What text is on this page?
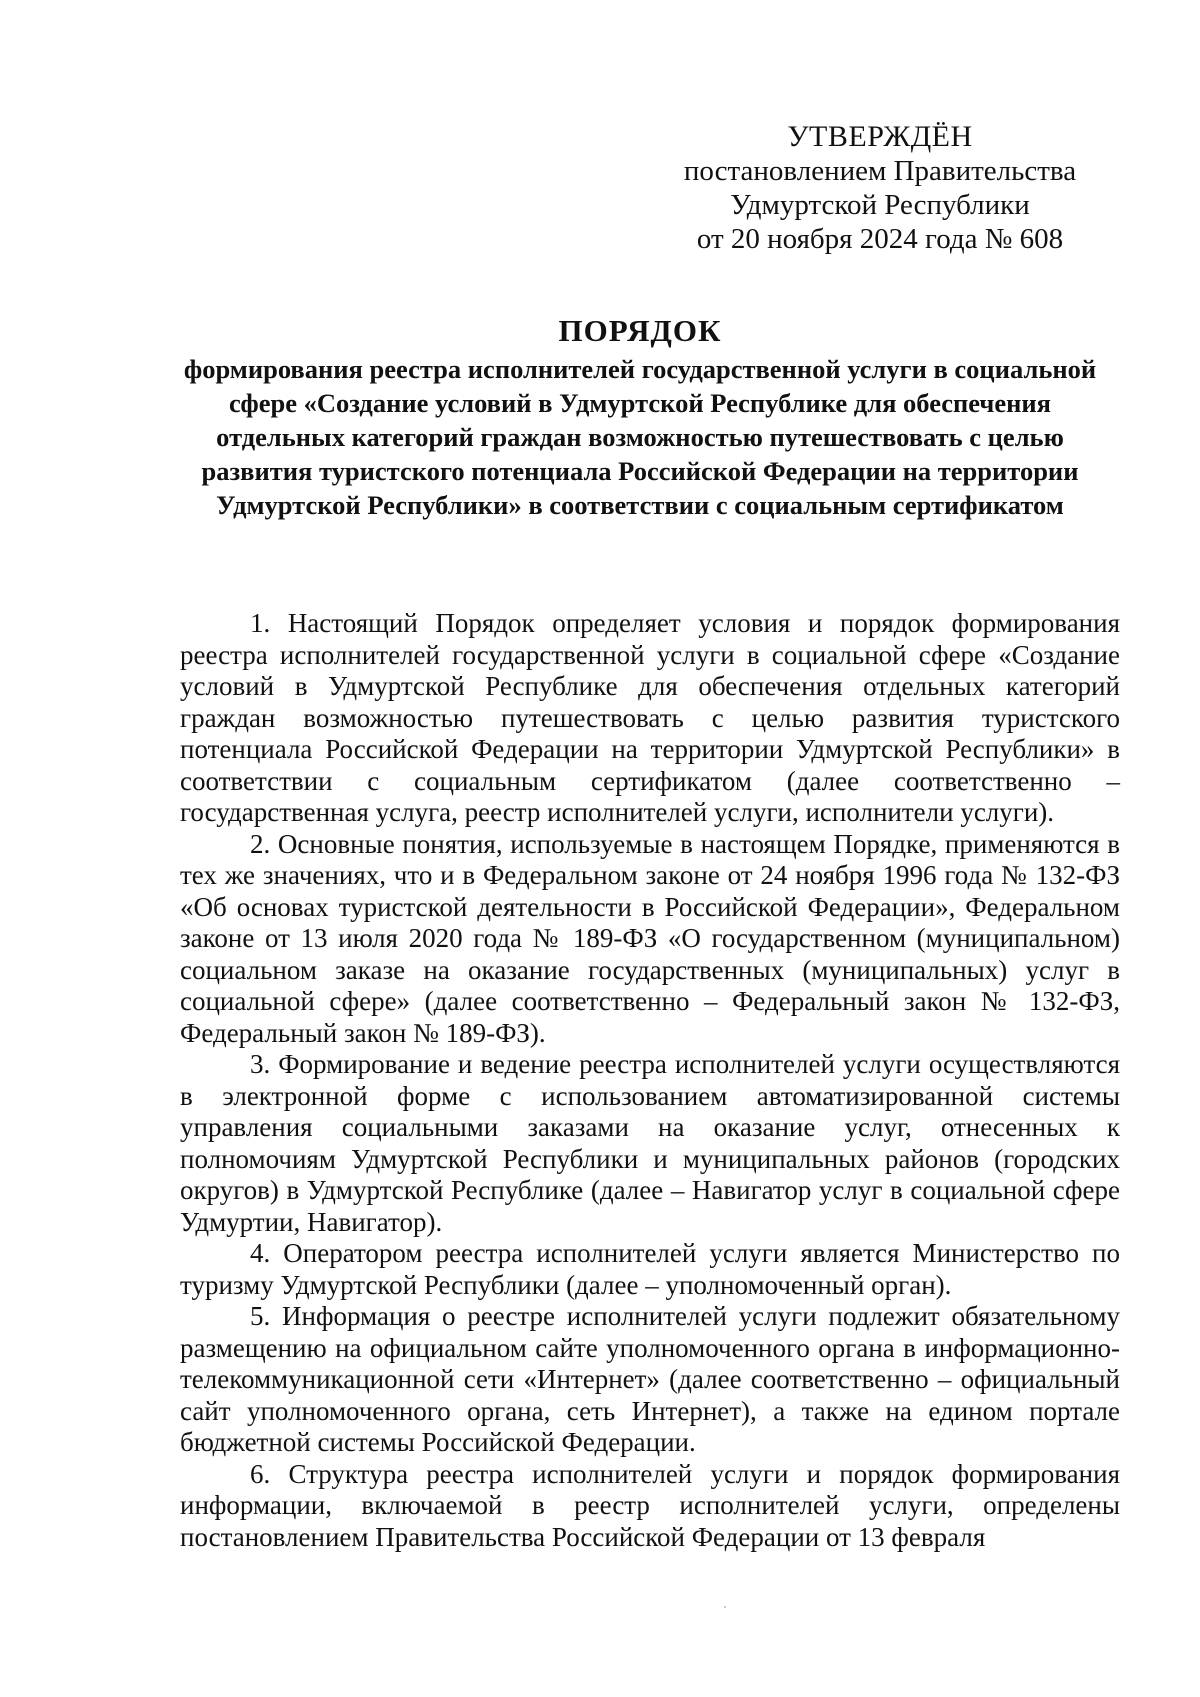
УТВЕРЖДЁН
постановлением Правительства
Удмуртской Республики
от 20 ноября 2024 года № 608
ПОРЯДОК
формирования реестра исполнителей государственной услуги в социальной сфере «Создание условий в Удмуртской Республике для обеспечения отдельных категорий граждан возможностью путешествовать с целью развития туристского потенциала Российской Федерации на территории Удмуртской Республики» в соответствии с социальным сертификатом

1. Настоящий Порядок определяет условия и порядок формирования реестра исполнителей государственной услуги в социальной сфере «Создание условий в Удмуртской Республике для обеспечения отдельных категорий граждан возможностью путешествовать с целью развития туристского потенциала Российской Федерации на территории Удмуртской Республики» в соответствии с социальным сертификатом (далее соответственно – государственная услуга, реестр исполнителей услуги, исполнители услуги).

2. Основные понятия, используемые в настоящем Порядке, применяются в тех же значениях, что и в Федеральном законе от 24 ноября 1996 года № 132-ФЗ «Об основах туристской деятельности в Российской Федерации», Федеральном законе от 13 июля 2020 года № 189-ФЗ «О государственном (муниципальном) социальном заказе на оказание государственных (муниципальных) услуг в социальной сфере» (далее соответственно – Федеральный закон № 132-ФЗ, Федеральный закон № 189-ФЗ).

3. Формирование и ведение реестра исполнителей услуги осуществляются в электронной форме с использованием автоматизированной системы управления социальными заказами на оказание услуг, отнесенных к полномочиям Удмуртской Республики и муниципальных районов (городских округов) в Удмуртской Республике (далее – Навигатор услуг в социальной сфере Удмуртии, Навигатор).

4. Оператором реестра исполнителей услуги является Министерство по туризму Удмуртской Республики (далее – уполномоченный орган).

5. Информация о реестре исполнителей услуги подлежит обязательному размещению на официальном сайте уполномоченного органа в информационно-телекоммуникационной сети «Интернет» (далее соответственно – официальный сайт уполномоченного органа, сеть Интернет), а также на едином портале бюджетной системы Российской Федерации.

6. Структура реестра исполнителей услуги и порядок формирования информации, включаемой в реестр исполнителей услуги, определены постановлением Правительства Российской Федерации от 13 февраля
